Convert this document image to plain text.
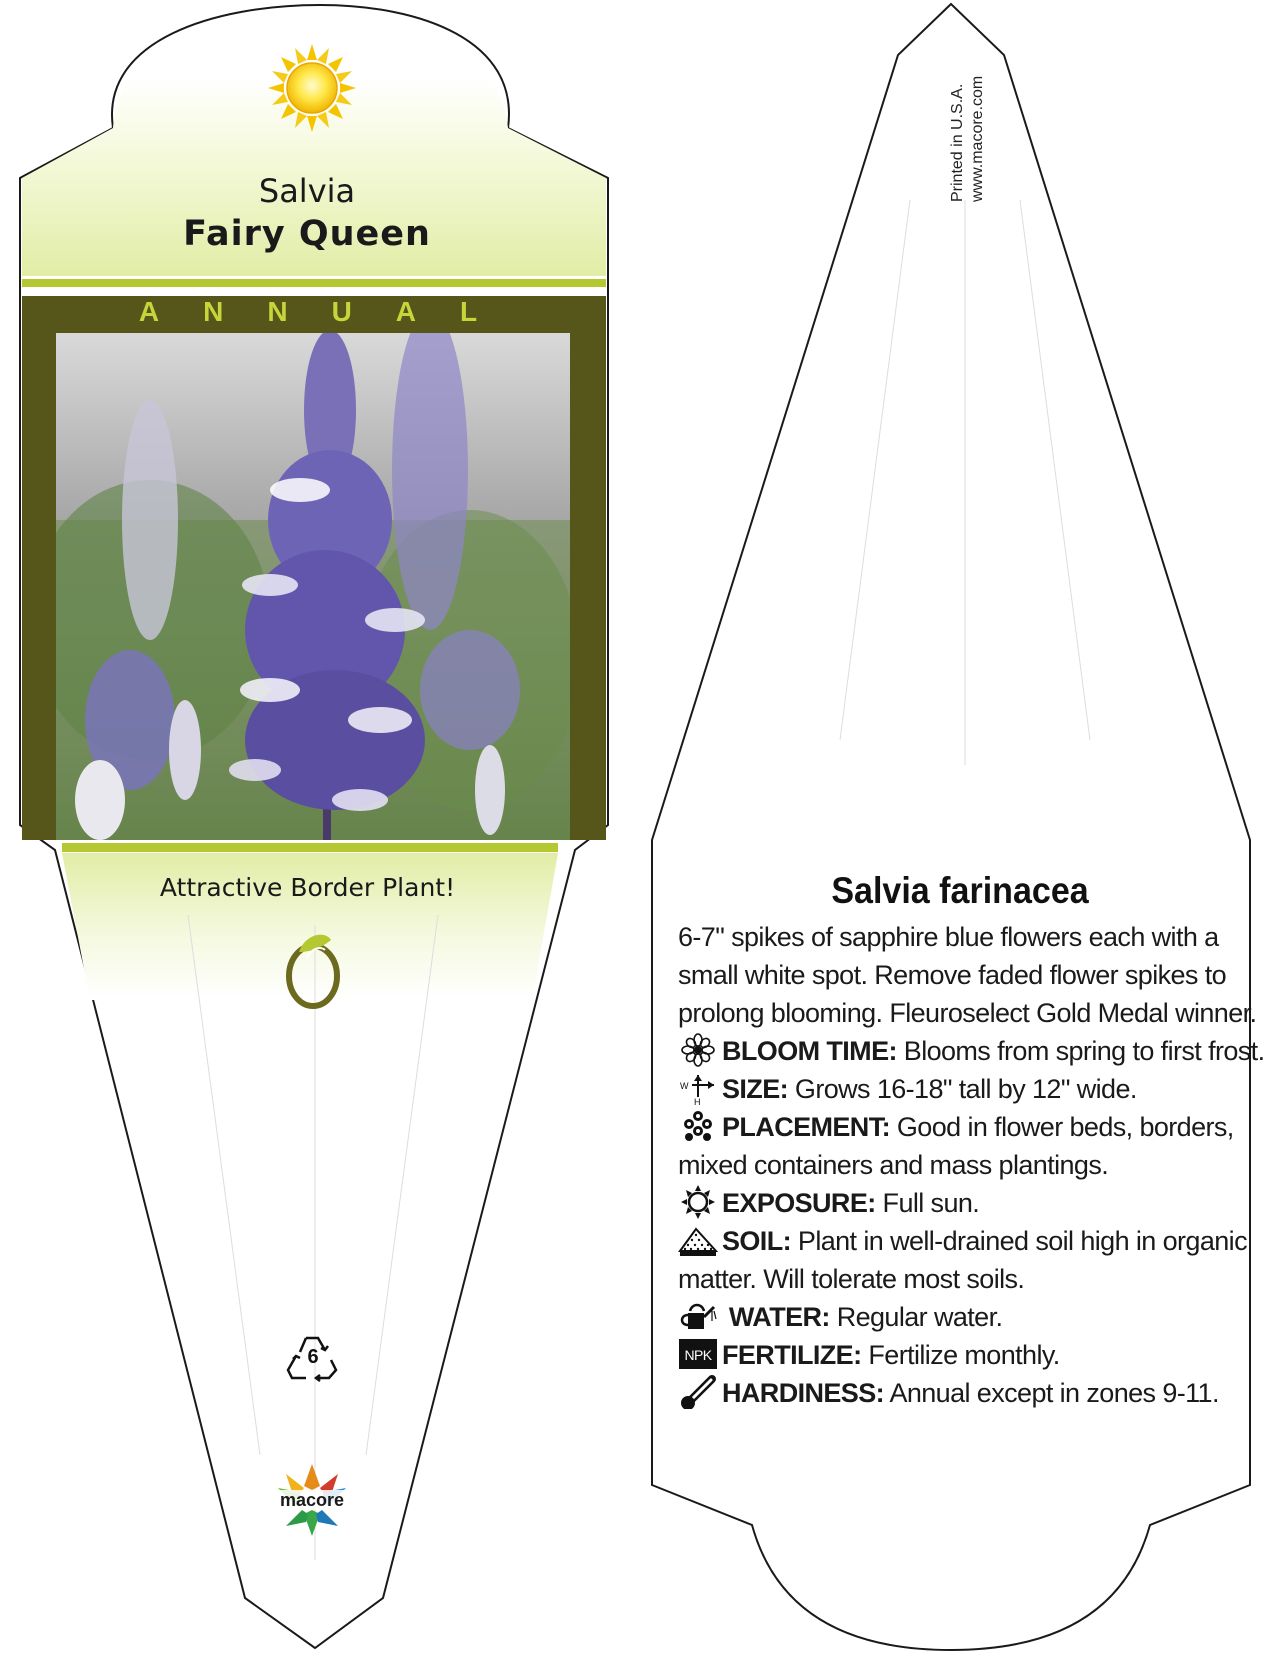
macore
Printed in U.S.A. www.macore.com
Salvia
Fairy Queen
A N N U A L
Attractive Border Plant!
6
Salvia farinacea

6-7" spikes of sapphire blue flowers each with a small white spot. Remove faded flower spikes to prolong blooming. Fleuroselect Gold Medal winner.

BLOOM TIME: Blooms from spring to first frost.
W
H SIZE: Grows 16-18" tall by 12" wide.
PLACEMENT: Good in flower beds, borders, mixed containers and mass plantings.
EXPOSURE: Full sun.
SOIL: Plant in well-drained soil high in organic matter. Will tolerate most soils.
WATER: Regular water.
NPK FERTILIZE: Fertilize monthly.
HARDINESS: Annual except in zones 9-11.
